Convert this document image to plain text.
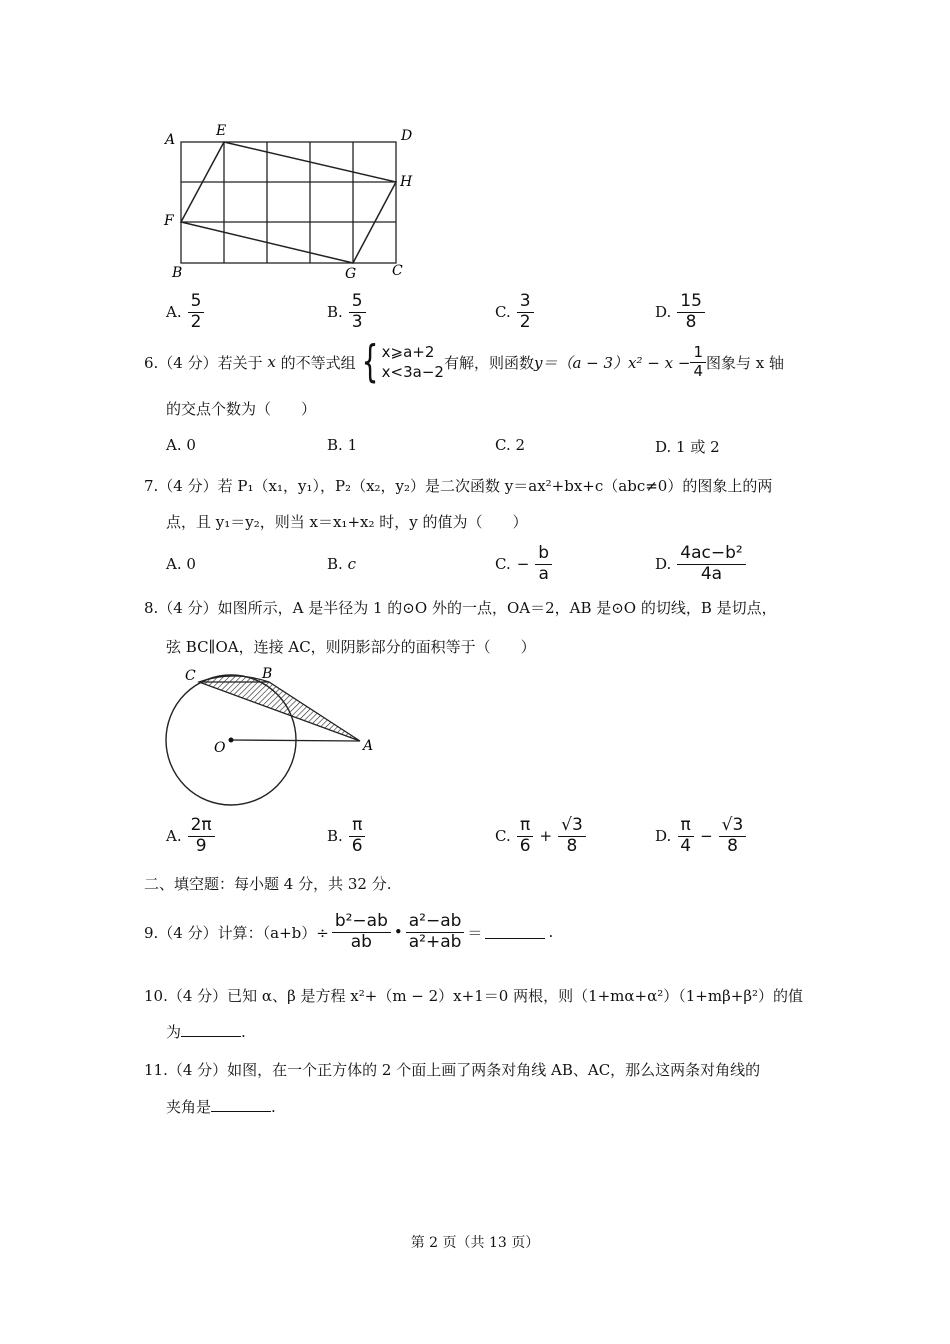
A
E	D
H
F
B	G	C
A. $\frac{5}{2}$	B. $\frac{5}{3}$	C. $\frac{3}{2}$	D. $\frac{15}{8}$
6.（4 分）若关于
x
的不等式组 { x⩾a+2
x<3a−2
有解，则函数 $y=(a - 3)x^2 - x - \frac{1}{4}$ 图象与 x 轴
的交点个数为（　　）
A. 0	B. 1	C. 2	D. 1 或 2
7.（4 分）若 P₁（x₁，y₁），P₂（x₂，y₂）是二次函数 y＝ax²+bx+c（abc≠0）的图象上的两
点，且 y₁＝y₂，则当 x＝x₁+x₂ 时，y 的值为（　　）
A. 0	B. c	C. − $\frac{b}{a}$	D. $\frac{\text{4ac−b²}}{4a}$
8.（4 分）如图所示，A 是半径为 1 的⊙O 外的一点，OA＝2，AB 是⊙O 的切线，B 是切点，
弦 BC∥OA，连接 AC，则阴影部分的面积等于（　　）
C	B
O	A
A. $\frac{2\pi}{9}$	B. $\frac{\pi}{6}$	C. $\frac{\pi}{6} + \frac{√3}{8}$	D. $\frac{\pi}{4} - \frac{√3}{8}$
二、填空题：每小题 4 分，共 32 分.
9.（4 分）计算：$(a+b)\div \frac{\text{b²−ab}}{ab}$ • $\frac{\text{a²−ab}}{\text{a²+ab}}$ ＝	.
10.（4 分）已知 α、β 是方程 x²+（m − 2）x+1＝0 两根，则（1+mα+α²）（1+mβ+β²）的值
为	.
11.（4 分）如图，在一个正方体的 2 个面上画了两条对角线 AB、AC，那么这两条对角线的
夹角是	.
第 2 页（共 13 页）
